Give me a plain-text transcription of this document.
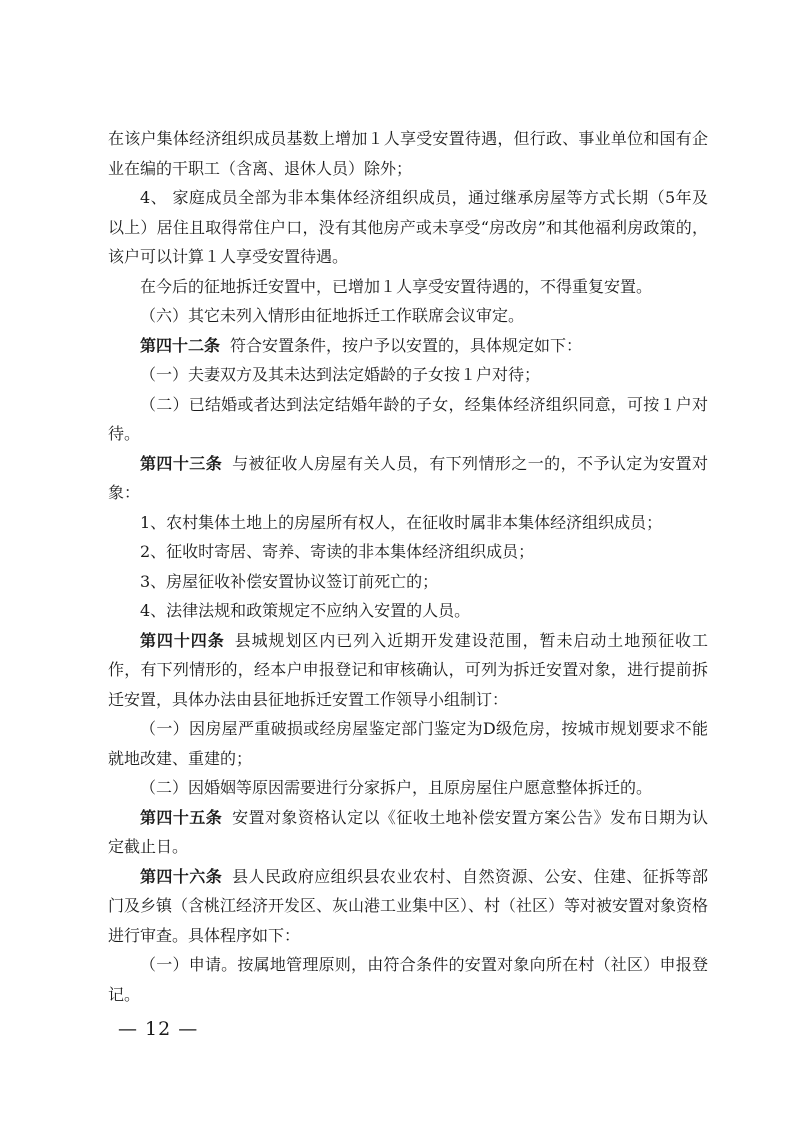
在该户集体经济组织成员基数上增加１人享受安置待遇，但行政、事业单位和国有企业在编的干职工（含离、退休人员）除外；

4、 家庭成员全部为非本集体经济组织成员，通过继承房屋等方式长期（5年及以上）居住且取得常住户口，没有其他房产或未享受“房改房”和其他福利房政策的，该户可以计算１人享受安置待遇。

在今后的征地拆迁安置中，已增加１人享受安置待遇的，不得重复安置。

（六）其它未列入情形由征地拆迁工作联席会议审定。

第四十二条 符合安置条件，按户予以安置的，具体规定如下：

（一）夫妻双方及其未达到法定婚龄的子女按１户对待；

（二）已结婚或者达到法定结婚年龄的子女，经集体经济组织同意，可按１户对待。

第四十三条 与被征收人房屋有关人员，有下列情形之一的，不予认定为安置对象：

1、农村集体土地上的房屋所有权人，在征收时属非本集体经济组织成员；

2、征收时寄居、寄养、寄读的非本集体经济组织成员；

3、房屋征收补偿安置协议签订前死亡的；

4、法律法规和政策规定不应纳入安置的人员。

第四十四条 县城规划区内已列入近期开发建设范围，暂未启动土地预征收工作，有下列情形的，经本户申报登记和审核确认，可列为拆迁安置对象，进行提前拆迁安置，具体办法由县征地拆迁安置工作领导小组制订：

（一）因房屋严重破损或经房屋鉴定部门鉴定为D级危房，按城市规划要求不能就地改建、重建的；

（二）因婚姻等原因需要进行分家拆户，且原房屋住户愿意整体拆迁的。

第四十五条 安置对象资格认定以《征收土地补偿安置方案公告》发布日期为认定截止日。

第四十六条 县人民政府应组织县农业农村、自然资源、公安、住建、征拆等部门及乡镇（含桃江经济开发区、灰山港工业集中区）、村（社区）等对被安置对象资格进行审查。具体程序如下：

（一）申请。按属地管理原则，由符合条件的安置对象向所在村（社区）申报登记。

— 12 —
